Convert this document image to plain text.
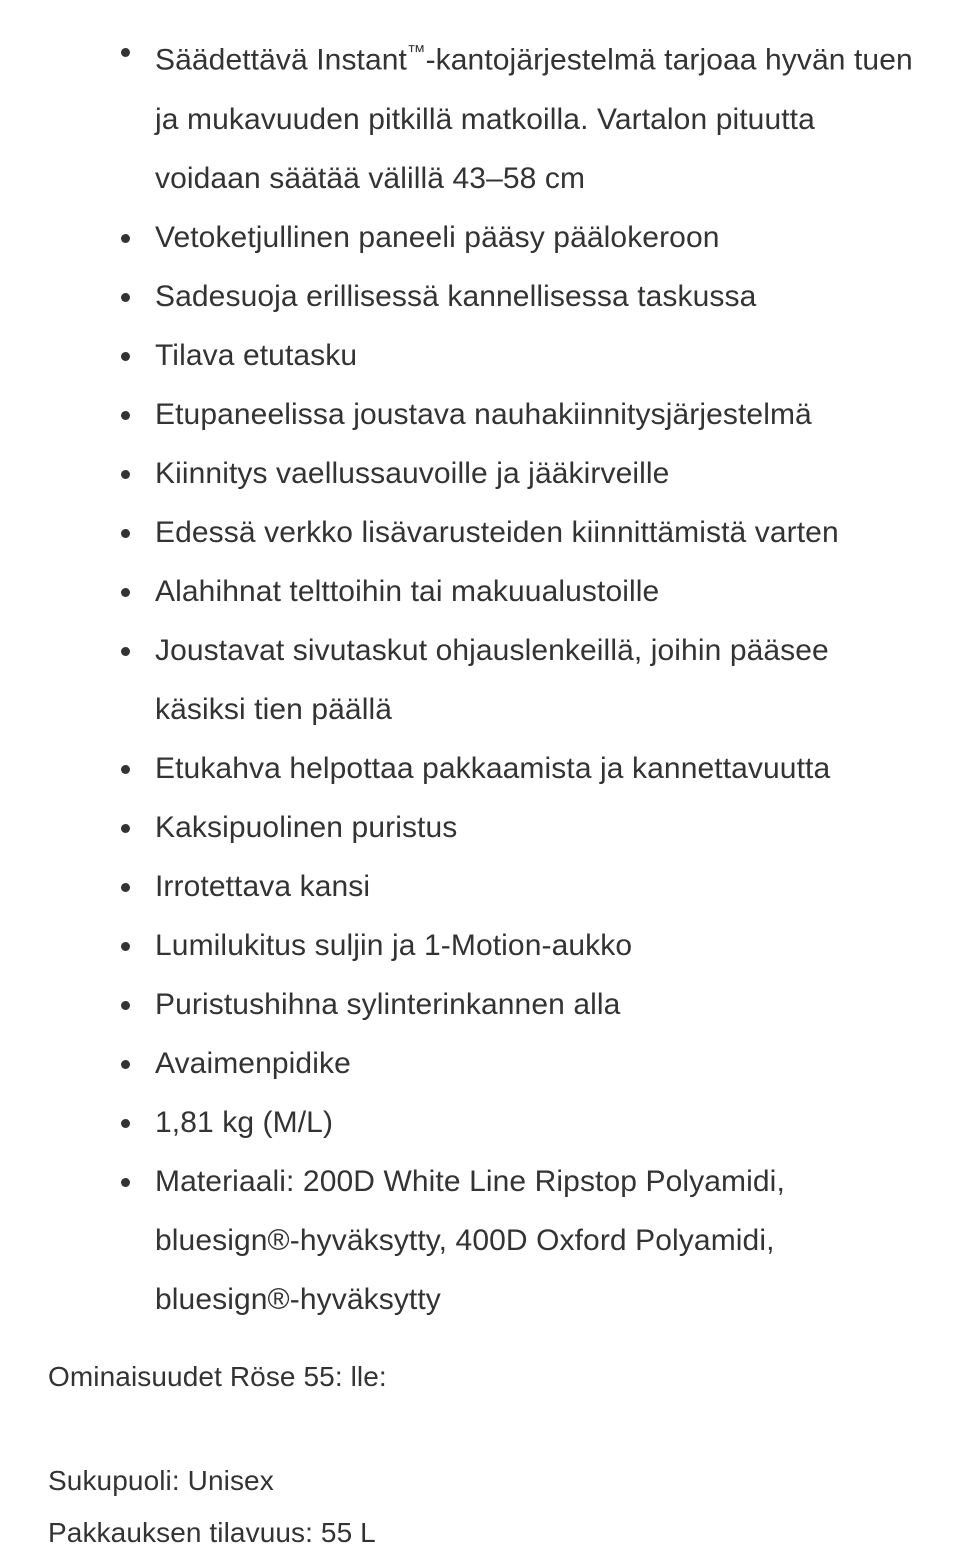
Säädettävä Instant™-kantojärjestelmä tarjoaa hyvän tuen ja mukavuuden pitkillä matkoilla. Vartalon pituutta voidaan säätää välillä 43–58 cm
Vetoketjullinen paneeli pääsy päälokeroon
Sadesuoja erillisessä kannellisessa taskussa
Tilava etutasku
Etupaneelissa joustava nauhakiinnitysjärjestelmä
Kiinnitys vaellussauvoille ja jääkirveille
Edessä verkko lisävarusteiden kiinnittämistä varten
Alahihnat telttoihin tai makuualustoille
Joustavat sivutaskut ohjauslenkeillä, joihin pääsee käsiksi tien päällä
Etukahva helpottaa pakkaamista ja kannettavuutta
Kaksipuolinen puristus
Irrotettava kansi
Lumilukitus suljin ja 1-Motion-aukko
Puristushihna sylinterinkannen alla
Avaimenpidike
1,81 kg (M/L)
Materiaali: 200D White Line Ripstop Polyamidi, bluesign®-hyväksytty, 400D Oxford Polyamidi, bluesign®-hyväksytty
Ominaisuudet Röse 55: lle:
Sukupuoli: Unisex
Pakkauksen tilavuus: 55 L
